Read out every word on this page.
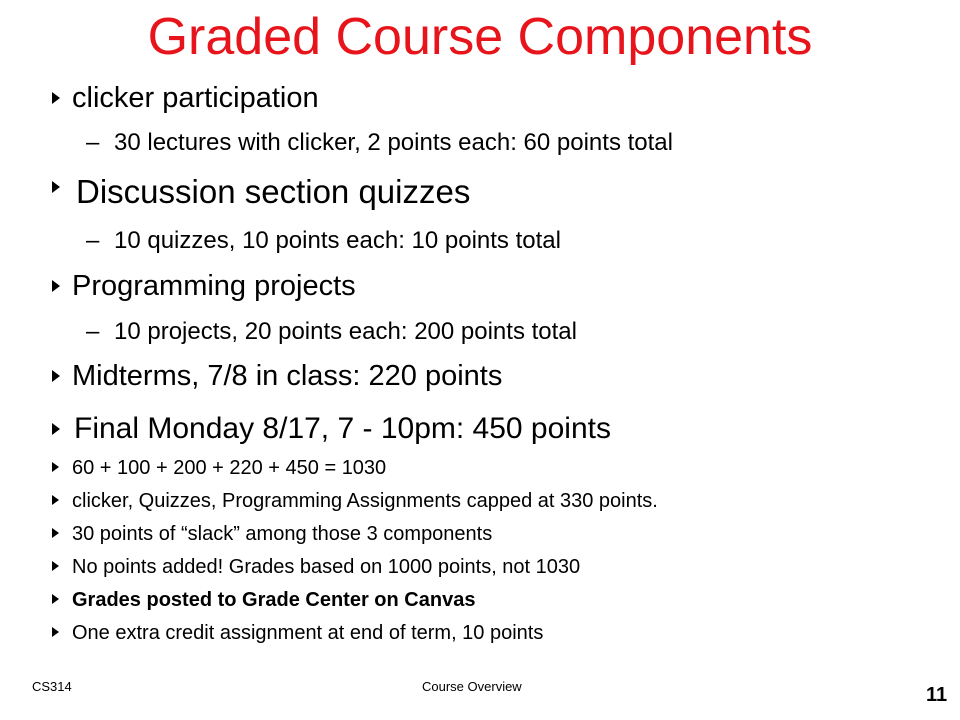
Graded Course Components
clicker participation
– 30 lectures with clicker, 2 points each: 60 points total
Discussion section quizzes
– 10 quizzes, 10 points each: 10 points total
Programming projects
– 10 projects, 20 points each: 200 points total
Midterms, 7/8 in class: 220 points
Final Monday 8/17, 7 - 10pm: 450 points
60 + 100 + 200 + 220 + 450 = 1030
clicker, Quizzes, Programming Assignments capped at 330 points.
30 points of “slack” among those 3 components
No points added! Grades based on 1000 points, not 1030
Grades posted to Grade Center on Canvas
One extra credit assignment at end of term, 10 points
CS314	Course Overview	11
